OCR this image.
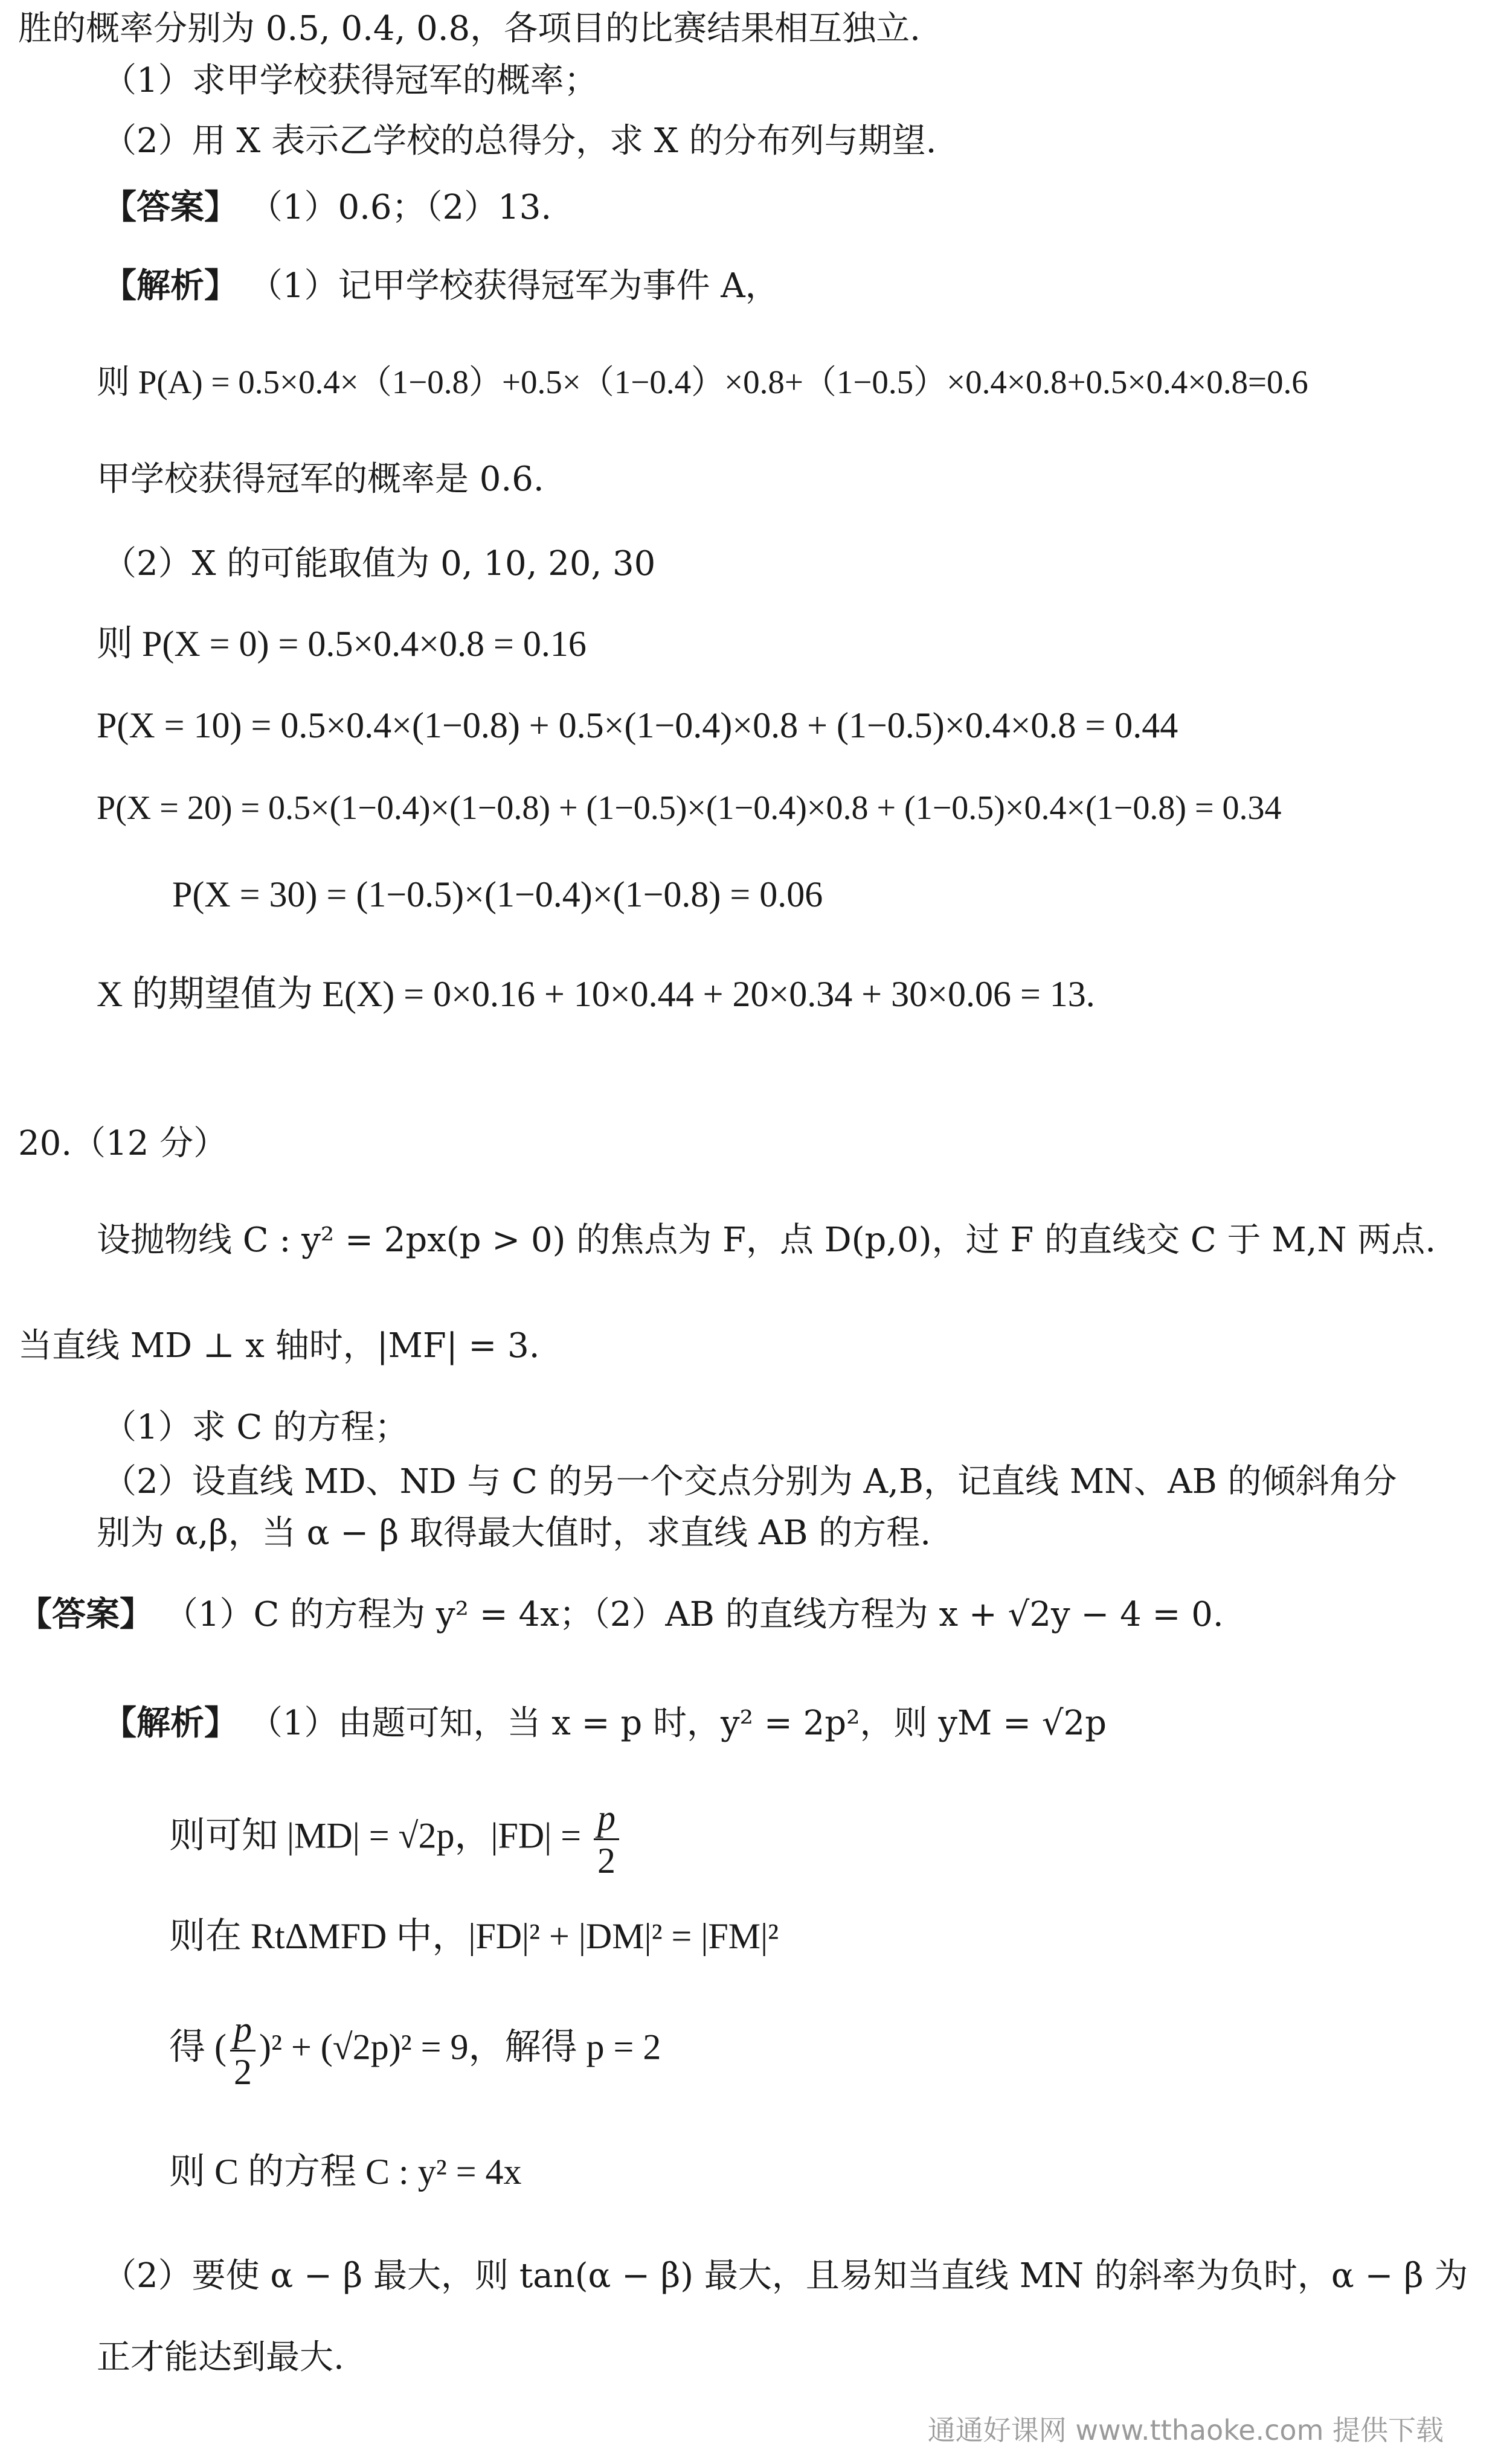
胜的概率分别为 0.5, 0.4, 0.8，各项目的比赛结果相互独立.
（1）求甲学校获得冠军的概率；
（2）用 X 表示乙学校的总得分，求 X 的分布列与期望.
【答案】 （1）0.6；（2）13.
【解析】 （1）记甲学校获得冠军为事件 A，
则 P(A) = 0.5×0.4×（1−0.8）+0.5×（1−0.4）×0.8+（1−0.5）×0.4×0.8+0.5×0.4×0.8=0.6
甲学校获得冠军的概率是 0.6.
（2）X 的可能取值为 0, 10, 20, 30
则 P(X = 0) = 0.5×0.4×0.8 = 0.16
P(X = 10) = 0.5×0.4×(1−0.8) + 0.5×(1−0.4)×0.8 + (1−0.5)×0.4×0.8 = 0.44
P(X = 20) = 0.5×(1−0.4)×(1−0.8) + (1−0.5)×(1−0.4)×0.8 + (1−0.5)×0.4×(1−0.8) = 0.34
P(X = 30) = (1−0.5)×(1−0.4)×(1−0.8) = 0.06
X 的期望值为 E(X) = 0×0.16 + 10×0.44 + 20×0.34 + 30×0.06 = 13.
20.（12 分）
设抛物线 C : y² = 2px(p > 0) 的焦点为 F，点 D(p,0)，过 F 的直线交 C 于 M,N 两点.
当直线 MD ⊥ x 轴时，|MF| = 3.
（1）求 C 的方程；
（2）设直线 MD、ND 与 C 的另一个交点分别为 A,B，记直线 MN、AB 的倾斜角分
别为 α,β，当 α − β 取得最大值时，求直线 AB 的方程.
【答案】 （1）C 的方程为 y² = 4x；（2）AB 的直线方程为 x + √2y − 4 = 0.
【解析】 （1）由题可知，当 x = p 时，y² = 2p²，则 yM = √2p
则可知 |MD| = √2p，$|FD| = \frac{p}{2}$
则在 RtΔMFD 中，|FD|² + |DM|² = |FM|²
得 ( $\frac{p}{2} )^2 + (√2p)^2 = 9$，解得 p = 2
则 C 的方程 C : y² = 4x
（2）要使 α − β 最大，则 tan(α − β) 最大，且易知当直线 MN 的斜率为负时，α − β 为
正才能达到最大.
通通好课网 www.tthaoke.com 提供下载
